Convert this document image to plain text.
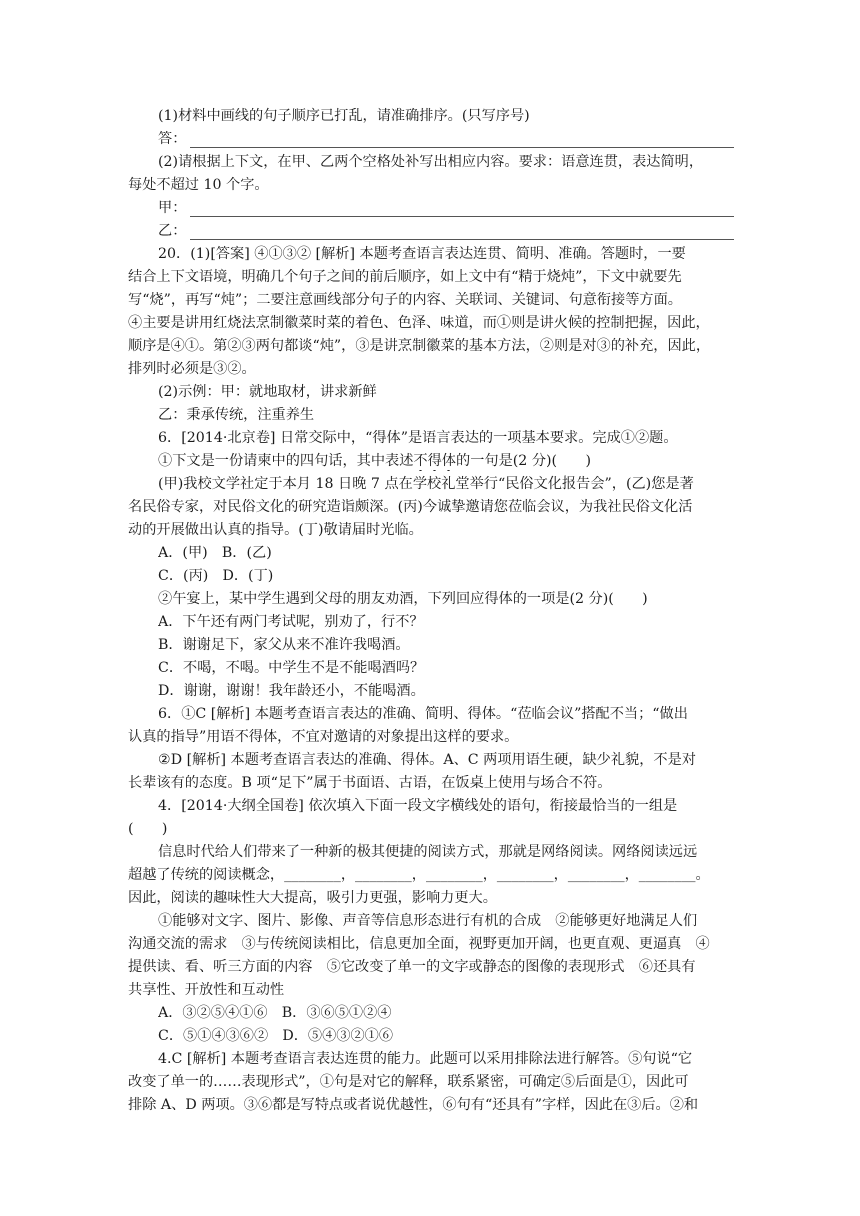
(1)材料中画线的句子顺序已打乱，请准确排序。(只写序号)
答：
(2)请根据上下文，在甲、乙两个空格处补写出相应内容。要求：语意连贯，表达简明，
每处不超过 10 个字。
甲：
乙：
20．(1)[答案] ④①③② [解析] 本题考查语言表达连贯、简明、准确。答题时，一要
结合上下文语境，明确几个句子之间的前后顺序，如上文中有“精于烧炖”，下文中就要先
写“烧”，再写“炖”；二要注意画线部分句子的内容、关联词、关键词、句意衔接等方面。
④主要是讲用红烧法烹制徽菜时菜的着色、色泽、味道，而①则是讲火候的控制把握，因此，
顺序是④①。第②③两句都谈“炖”，③是讲烹制徽菜的基本方法，②则是对③的补充，因此，
排列时必须是③②。
(2)示例：甲：就地取材，讲求新鲜
乙：秉承传统，注重养生
6．[2014·北京卷] 日常交际中，“得体”是语言表达的一项基本要求。完成①②题。
①下文是一份请柬中的四句话，其中表述不得体的一句是(2 分)(　　)
(甲)我校文学社定于本月 18 日晚 7 点在学校礼堂举行“民俗文化报告会”，(乙)您是著
名民俗专家，对民俗文化的研究造诣颇深。(丙)今诚挚邀请您莅临会议，为我社民俗文化活
动的开展做出认真的指导。(丁)敬请届时光临。
A．(甲)　B．(乙)
C．(丙)　D．(丁)
②午宴上，某中学生遇到父母的朋友劝酒，下列回应得体的一项是(2 分)(　　)
A．下午还有两门考试呢，别劝了，行不？
B．谢谢足下，家父从来不准许我喝酒。
C．不喝，不喝。中学生不是不能喝酒吗？
D．谢谢，谢谢！我年龄还小，不能喝酒。
6．①C [解析] 本题考查语言表达的准确、简明、得体。“莅临会议”搭配不当；“做出
认真的指导”用语不得体，不宜对邀请的对象提出这样的要求。
②D [解析] 本题考查语言表达的准确、得体。A、C 两项用语生硬，缺少礼貌，不是对
长辈该有的态度。B 项“足下”属于书面语、古语，在饭桌上使用与场合不符。
4．[2014·大纲全国卷] 依次填入下面一段文字横线处的语句，衔接最恰当的一组是
(　　)
信息时代给人们带来了一种新的极其便捷的阅读方式，那就是网络阅读。网络阅读远远
超越了传统的阅读概念，________，________，________，________，________，________。
因此，阅读的趣味性大大提高，吸引力更强，影响力更大。
①能够对文字、图片、影像、声音等信息形态进行有机的合成　②能够更好地满足人们
沟通交流的需求　③与传统阅读相比，信息更加全面，视野更加开阔，也更直观、更逼真　④
提供读、看、听三方面的内容　⑤它改变了单一的文字或静态的图像的表现形式　⑥还具有
共享性、开放性和互动性
A．③②⑤④①⑥　B．③⑥⑤①②④
C．⑤①④③⑥②　D．⑤④③②①⑥
4.C [解析] 本题考查语言表达连贯的能力。此题可以采用排除法进行解答。⑤句说“它
改变了单一的……表现形式”，①句是对它的解释，联系紧密，可确定⑤后面是①，因此可
排除 A、D 两项。③⑥都是写特点或者说优越性，⑥句有“还具有”字样，因此在③后。②和
